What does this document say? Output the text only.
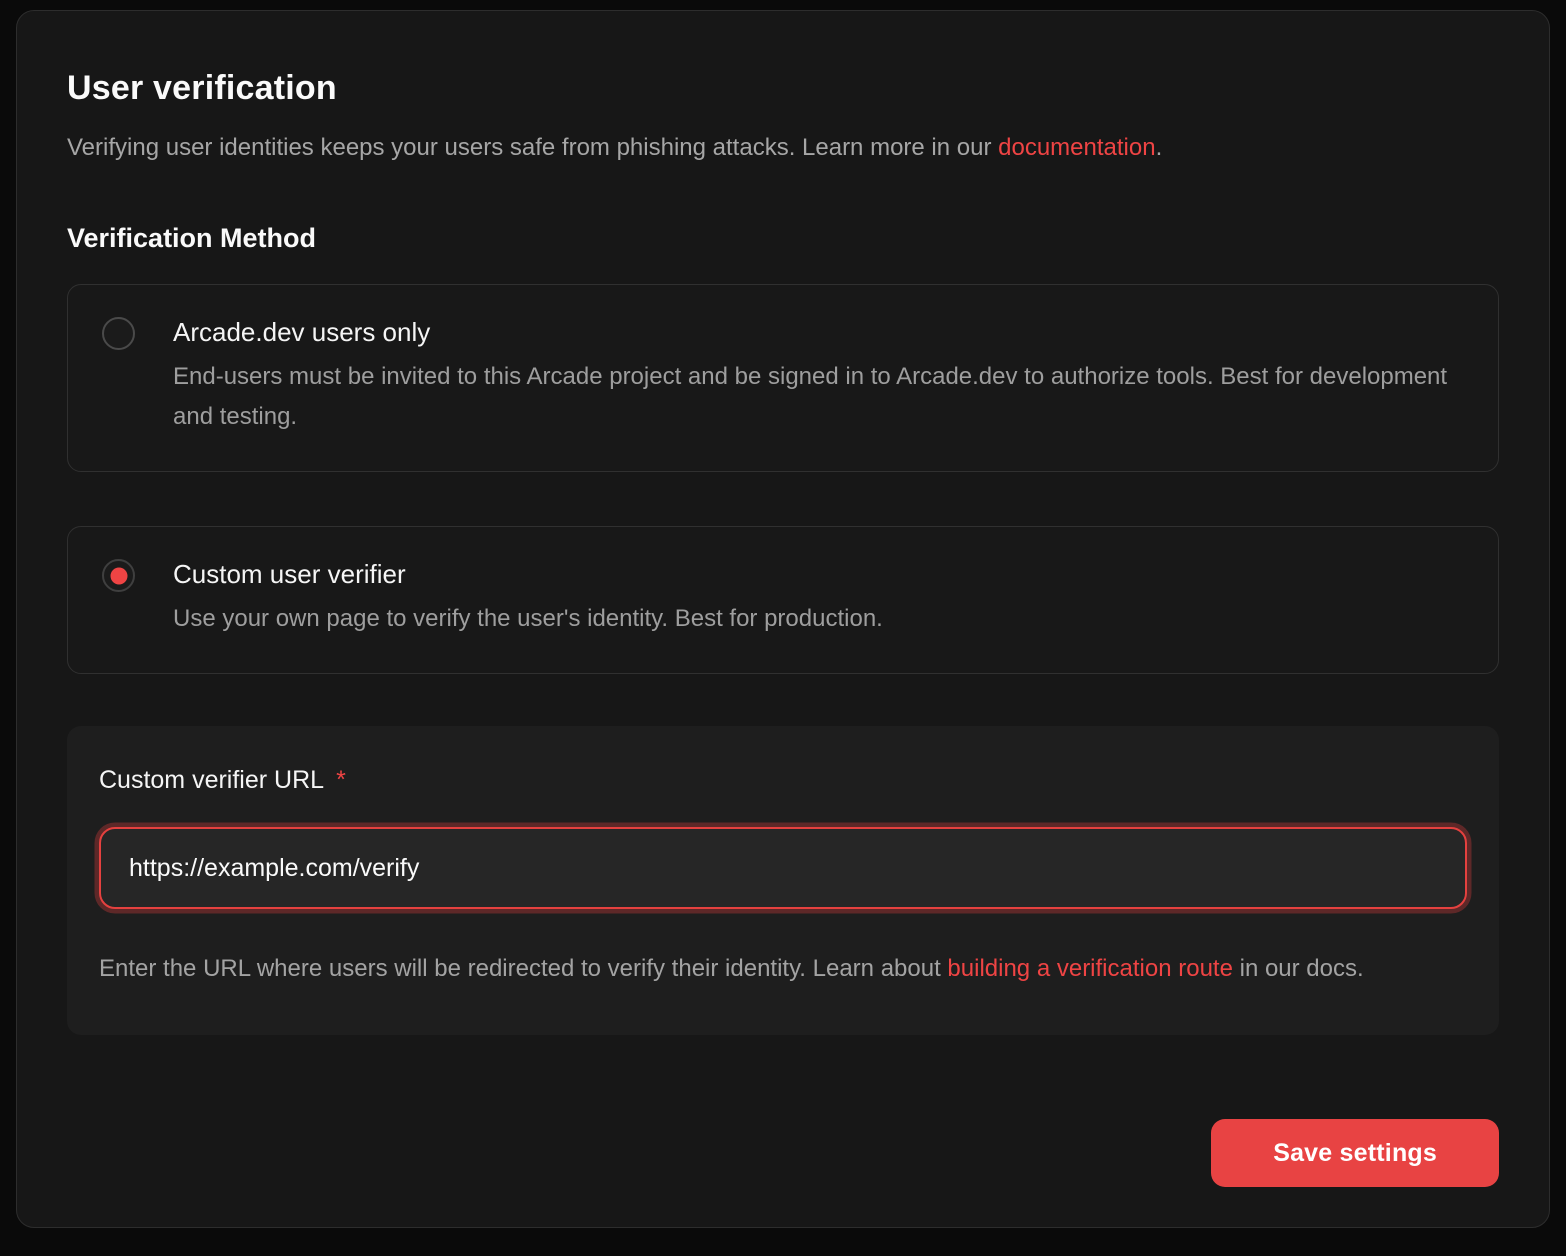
User verification

Verifying user identities keeps your users safe from phishing attacks. Learn more in our documentation.

Verification Method
Arcade.dev users only
End-users must be invited to this Arcade project and be signed in to Arcade.dev to authorize tools. Best for development and testing.
Custom user verifier
Use your own page to verify the user's identity. Best for production.
Custom verifier URL *
https://example.com/verify

Enter the URL where users will be redirected to verify their identity. Learn about building a verification route in our docs.

Save settings
